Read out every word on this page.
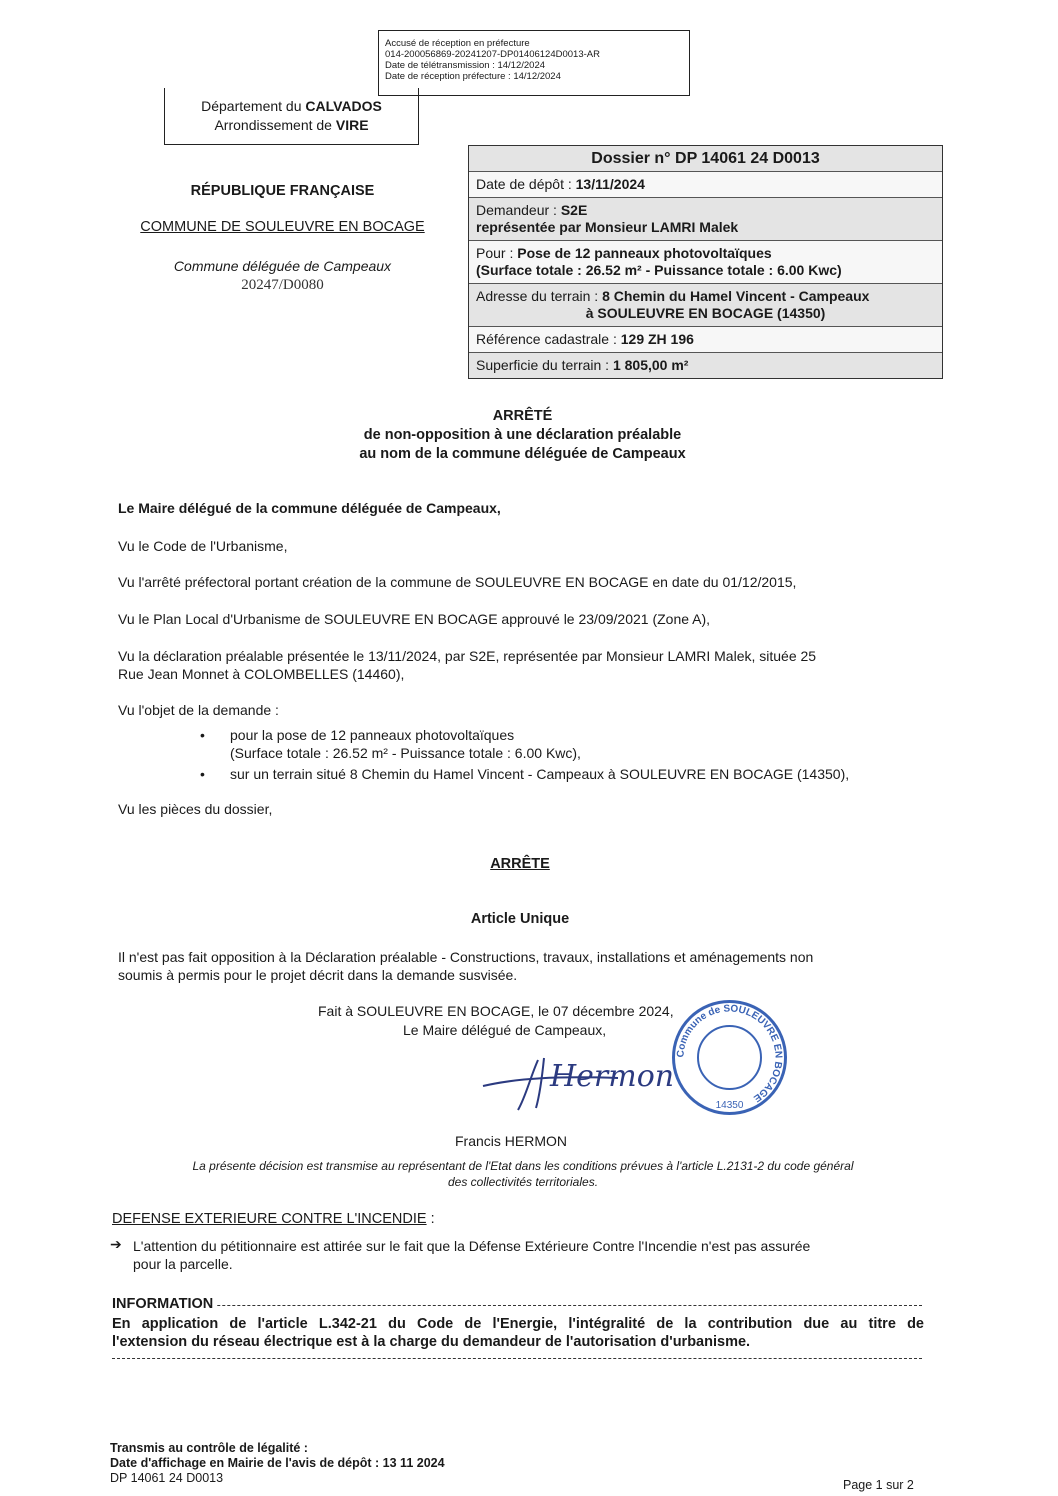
Accusé de réception en préfecture
014-200056869-20241207-DP01406124D0013-AR
Date de télétransmission : 14/12/2024
Date de réception préfecture : 14/12/2024
Département du CALVADOS
Arrondissement de VIRE
RÉPUBLIQUE FRANÇAISE
COMMUNE DE SOULEUVRE EN BOCAGE
Commune déléguée de Campeaux
20247/D0080
Dossier n° DP 14061 24 D0013
Date de dépôt : 13/11/2024
Demandeur : S2E
représentée par Monsieur LAMRI Malek
Pour : Pose de 12 panneaux photovoltaïques
(Surface totale : 26.52 m² - Puissance totale : 6.00 Kwc)
Adresse du terrain : 8 Chemin du Hamel Vincent - Campeaux

à SOULEUVRE EN BOCAGE (14350)
Référence cadastrale : 129 ZH 196
Superficie du terrain : 1 805,00 m²
ARRÊTÉ
de non-opposition à une déclaration préalable
au nom de la commune déléguée de Campeaux
Le Maire délégué de la commune déléguée de Campeaux,
Vu le Code de l'Urbanisme,
Vu l'arrêté préfectoral portant création de la commune de SOULEUVRE EN BOCAGE en date du 01/12/2015,
Vu le Plan Local d'Urbanisme de SOULEUVRE EN BOCAGE approuvé le 23/09/2021 (Zone A),
Vu la déclaration préalable présentée le 13/11/2024, par S2E, représentée par Monsieur LAMRI Malek, située 25
Rue Jean Monnet à COLOMBELLES (14460),
Vu l'objet de la demande :
• pour la pose de 12 panneaux photovoltaïques
(Surface totale : 26.52 m² - Puissance totale : 6.00 Kwc),
• sur un terrain situé 8 Chemin du Hamel Vincent - Campeaux à SOULEUVRE EN BOCAGE (14350),
Vu les pièces du dossier,
ARRÊTE
Article Unique
Il n'est pas fait opposition à la Déclaration préalable - Constructions, travaux, installations et aménagements non
soumis à permis pour le projet décrit dans la demande susvisée.
Fait à SOULEUVRE EN BOCAGE, le 07 décembre 2024,
Le Maire délégué de Campeaux,
Commune de SOULEUVRE EN BOCAGE
14350
Hermon
Francis HERMON
La présente décision est transmise au représentant de l'Etat dans les conditions prévues à l'article L.2131-2 du code général
des collectivités territoriales.
DEFENSE EXTERIEURE CONTRE L'INCENDIE :
➔ L'attention du pétitionnaire est attirée sur le fait que la Défense Extérieure Contre l'Incendie n'est pas assurée
pour la parcelle.
INFORMATION
En application de l'article L.342-21 du Code de l'Energie, l'intégralité de la contribution due au titre de
l'extension du réseau électrique est à la charge du demandeur de l'autorisation d'urbanisme.
Transmis au contrôle de légalité :
Date d'affichage en Mairie de l'avis de dépôt : 13 11 2024
DP 14061 24 D0013	Page 1 sur 2
